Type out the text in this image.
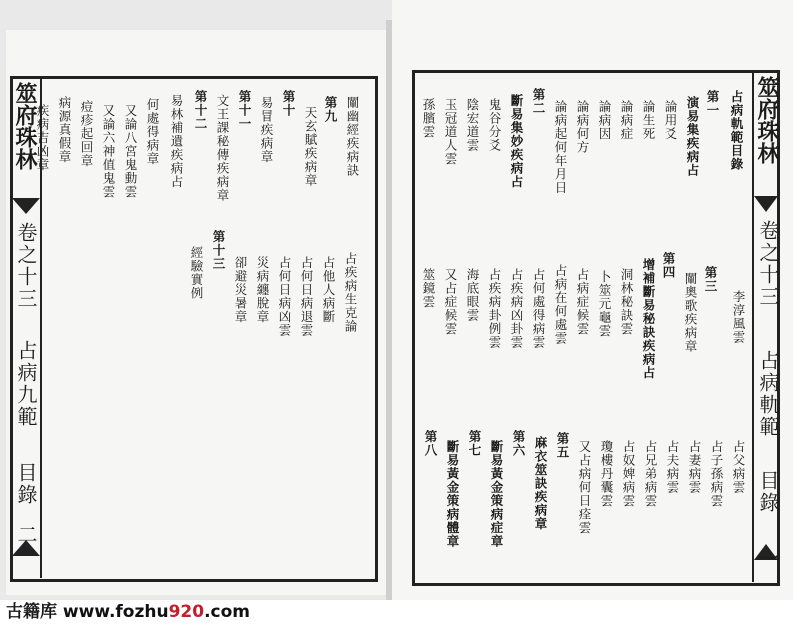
筮府珠林
卷之十三
占病九範
目錄
二
闡幽經疾病訣
第九
天玄賦疾病章
第十
易冒疾病章
第十一
文王課秘傳疾病章
第十二
易林補遺疾病占
何處得病章
又論八宮鬼動雲
又論六神值鬼雲
痘疹起回章
病源真假章
疾病吉凶章
占疾病生克論
占他人病斷
占何日病退雲
占何日病凶雲
災病纏脫章
卻避災暑章
第十三
經驗實例
筮府珠林
卷之十三
占病軌範
目錄
一
占病軌範目錄
第一
演易集疾病占
論用爻
論生死
論病症
論病因
論病何方
論病起何年月日
第二
斷易集妙疾病占
鬼谷分爻
陰宏道雲
玉冠道人雲
孫臏雲
李淳風雲
第三
闡奧歌疾病章
第四
增補斷易秘訣疾病占
洞林秘訣雲
卜筮元龜雲
占病症候雲
占病在何處雲
占何處得病雲
占疾病凶卦雲
占疾病卦例雲
海底眼雲
又占症候雲
筮鏡雲
占父病雲
占子孫病雲
占妻病雲
占夫病雲
占兄弟病雲
占奴婢病雲
瓊樓丹囊雲
又占病何日痊雲
第五
麻衣筮訣疾病章
第六
斷易黃金策病症章
第七
斷易黃金策病體章
第八
古籍库 www.fozhu920.com
